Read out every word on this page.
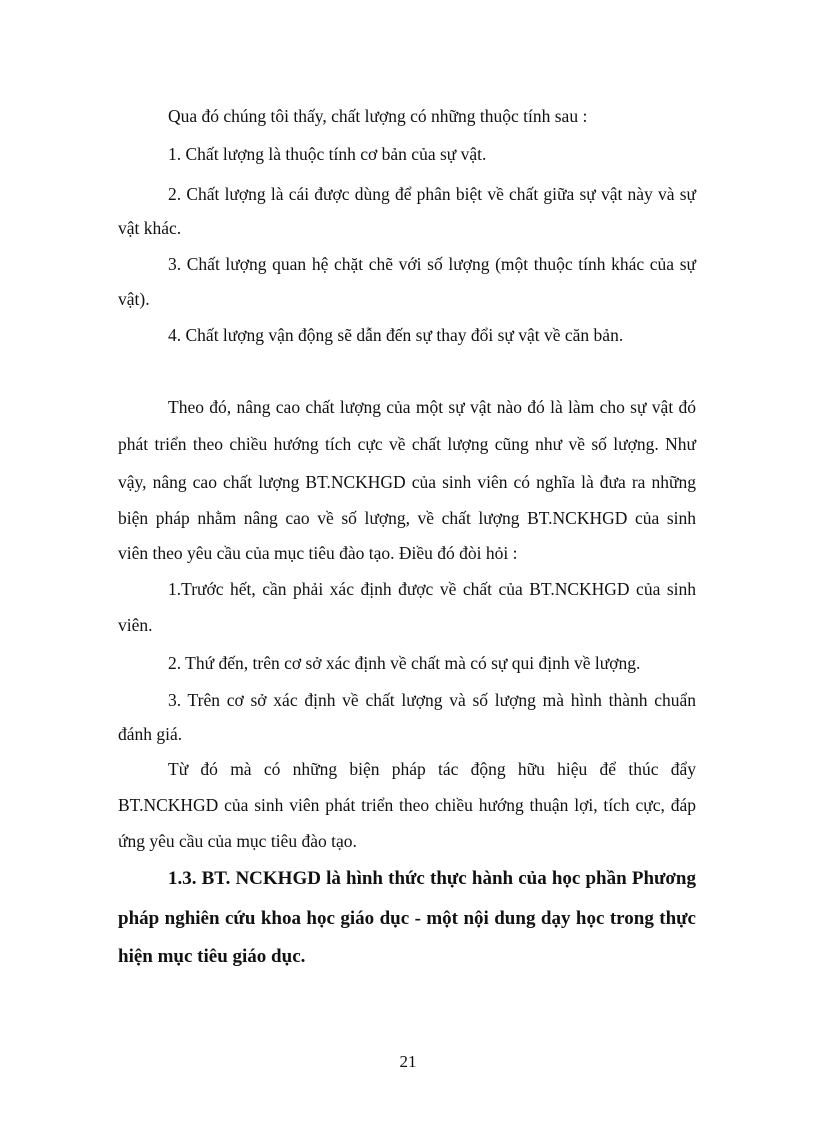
Qua đó chúng tôi thấy, chất lượng có những thuộc tính sau :
1. Chất lượng là thuộc tính cơ bản của sự vật.
2. Chất lượng là cái được dùng để phân biệt về chất giữa sự vật này và sự
vật khác.
3. Chất lượng quan hệ chặt chẽ với số lượng (một thuộc tính khác của sự
vật).
4. Chất lượng vận động sẽ dẫn đến sự thay đổi sự vật về căn bản.
Theo đó, nâng cao chất lượng của một sự vật nào đó là làm cho sự vật đó
phát triển theo chiều hướng tích cực về chất lượng cũng như về số lượng. Như
vậy, nâng cao chất lượng BT.NCKHGD của sinh viên có nghĩa là đưa ra những
biện pháp nhằm nâng cao về số lượng, về chất lượng BT.NCKHGD của sinh
viên theo yêu cầu của mục tiêu đào tạo. Điều đó đòi hỏi :
1.Trước hết, cần phải xác định được về chất của BT.NCKHGD của sinh
viên.
2. Thứ đến, trên cơ sở xác định về chất mà có sự qui định về lượng.
3. Trên cơ sở xác định về chất lượng và số lượng mà hình thành chuẩn
đánh giá.
Từ đó mà có những biện pháp tác động hữu hiệu để thúc đẩy
BT.NCKHGD của sinh viên phát triển theo chiều hướng thuận lợi, tích cực, đáp
ứng yêu cầu của mục tiêu đào tạo.
1.3. BT. NCKHGD là hình thức thực hành của học phần Phương
pháp nghiên cứu khoa học giáo dục - một nội dung dạy học trong thực
hiện mục tiêu giáo dục.
21
